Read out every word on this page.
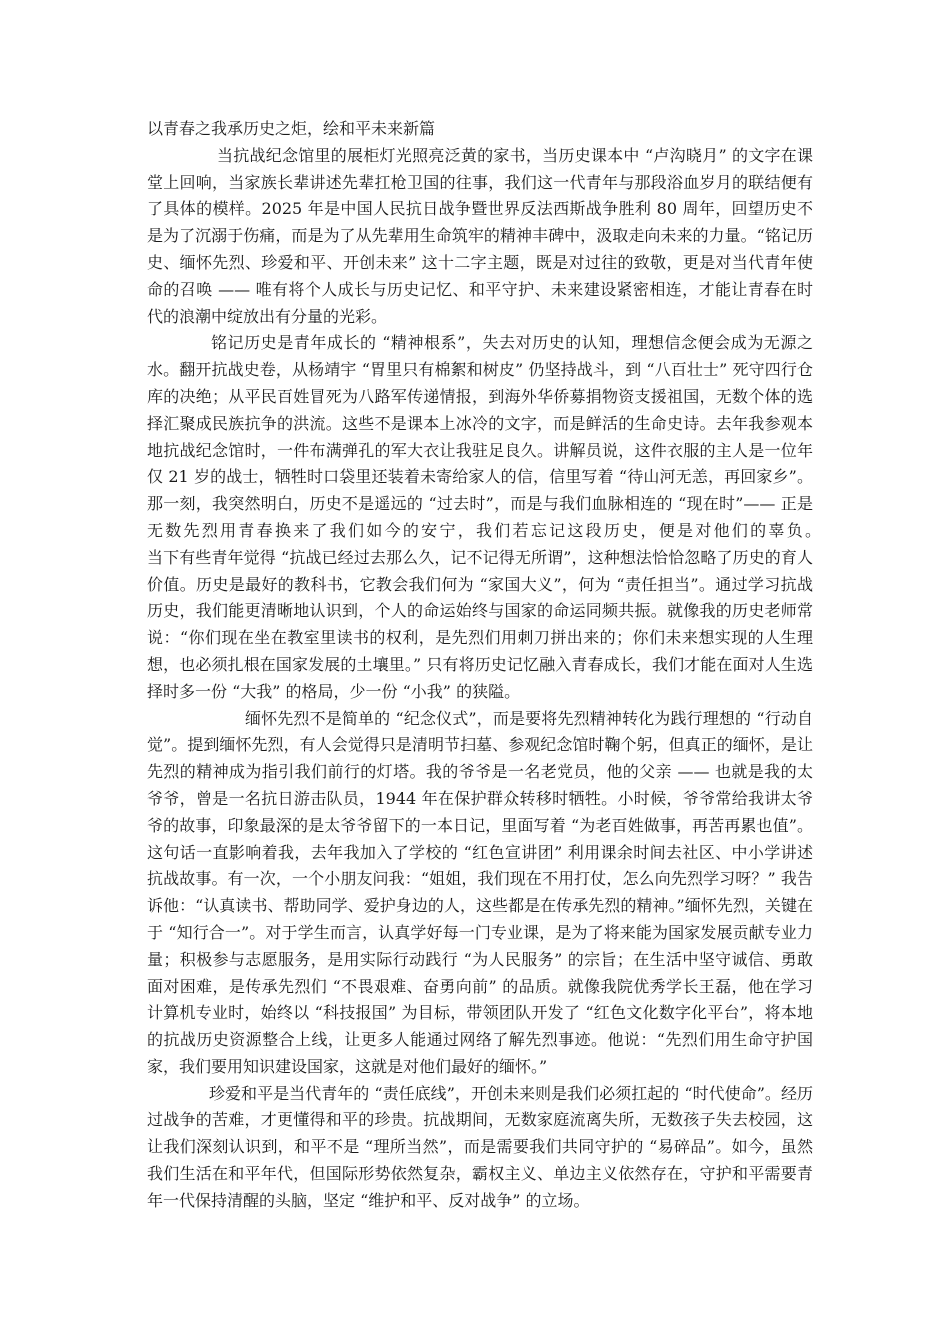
以青春之我承历史之炬，绘和平未来新篇

当抗战纪念馆里的展柜灯光照亮泛黄的家书，当历史课本中 “卢沟晓月” 的文字在课堂上回响，当家族长辈讲述先辈扛枪卫国的往事，我们这一代青年与那段浴血岁月的联结便有了具体的模样。2025 年是中国人民抗日战争暨世界反法西斯战争胜利 80 周年，回望历史不是为了沉溺于伤痛，而是为了从先辈用生命筑牢的精神丰碑中，汲取走向未来的力量。“铭记历史、缅怀先烈、珍爱和平、开创未来” 这十二字主题，既是对过往的致敬，更是对当代青年使命的召唤 —— 唯有将个人成长与历史记忆、和平守护、未来建设紧密相连，才能让青春在时代的浪潮中绽放出有分量的光彩。

铭记历史是青年成长的 “精神根系”，失去对历史的认知，理想信念便会成为无源之水。翻开抗战史卷，从杨靖宇 “胃里只有棉絮和树皮” 仍坚持战斗，到 “八百壮士” 死守四行仓库的决绝；从平民百姓冒死为八路军传递情报，到海外华侨募捐物资支援祖国，无数个体的选择汇聚成民族抗争的洪流。这些不是课本上冰冷的文字，而是鲜活的生命史诗。去年我参观本地抗战纪念馆时，一件布满弹孔的军大衣让我驻足良久。讲解员说，这件衣服的主人是一位年仅 21 岁的战士，牺牲时口袋里还装着未寄给家人的信，信里写着 “待山河无恙，再回家乡”。那一刻，我突然明白，历史不是遥远的 “过去时”，而是与我们血脉相连的 “现在时”—— 正是无数先烈用青春换来了我们如今的安宁，我们若忘记这段历史，便是对他们的辜负。　　　　　　　当下有些青年觉得 “抗战已经过去那么久，记不记得无所谓”，这种想法恰恰忽略了历史的育人价值。历史是最好的教科书，它教会我们何为 “家国大义”，何为 “责任担当”。通过学习抗战历史，我们能更清晰地认识到，个人的命运始终与国家的命运同频共振。就像我的历史老师常说：“你们现在坐在教室里读书的权利，是先烈们用刺刀拼出来的；你们未来想实现的人生理想，也必须扎根在国家发展的土壤里。” 只有将历史记忆融入青春成长，我们才能在面对人生选择时多一份 “大我” 的格局，少一份 “小我” 的狭隘。

缅怀先烈不是简单的 “纪念仪式”，而是要将先烈精神转化为践行理想的 “行动自觉”。提到缅怀先烈，有人会觉得只是清明节扫墓、参观纪念馆时鞠个躬，但真正的缅怀，是让先烈的精神成为指引我们前行的灯塔。我的爷爷是一名老党员，他的父亲 —— 也就是我的太爷爷，曾是一名抗日游击队员，1944 年在保护群众转移时牺牲。小时候，爷爷常给我讲太爷爷的故事，印象最深的是太爷爷留下的一本日记，里面写着 “为老百姓做事，再苦再累也值”。这句话一直影响着我，去年我加入了学校的 “红色宣讲团” 利用课余时间去社区、中小学讲述抗战故事。有一次，一个小朋友问我：“姐姐，我们现在不用打仗，怎么向先烈学习呀？” 我告诉他：“认真读书、帮助同学、爱护身边的人，这些都是在传承先烈的精神。”缅怀先烈，关键在于 “知行合一”。对于学生而言，认真学好每一门专业课，是为了将来能为国家发展贡献专业力量；积极参与志愿服务，是用实际行动践行 “为人民服务” 的宗旨；在生活中坚守诚信、勇敢面对困难，是传承先烈们 “不畏艰难、奋勇向前” 的品质。就像我院优秀学长王磊，他在学习计算机专业时，始终以 “科技报国” 为目标，带领团队开发了 “红色文化数字化平台”，将本地的抗战历史资源整合上线，让更多人能通过网络了解先烈事迹。他说：“先烈们用生命守护国家，我们要用知识建设国家，这就是对他们最好的缅怀。”

珍爱和平是当代青年的 “责任底线”，开创未来则是我们必须扛起的 “时代使命”。经历过战争的苦难，才更懂得和平的珍贵。抗战期间，无数家庭流离失所，无数孩子失去校园，这让我们深刻认识到，和平不是 “理所当然”，而是需要我们共同守护的 “易碎品”。如今，虽然我们生活在和平年代，但国际形势依然复杂，霸权主义、单边主义依然存在，守护和平需要青年一代保持清醒的头脑，坚定 “维护和平、反对战争” 的立场。
